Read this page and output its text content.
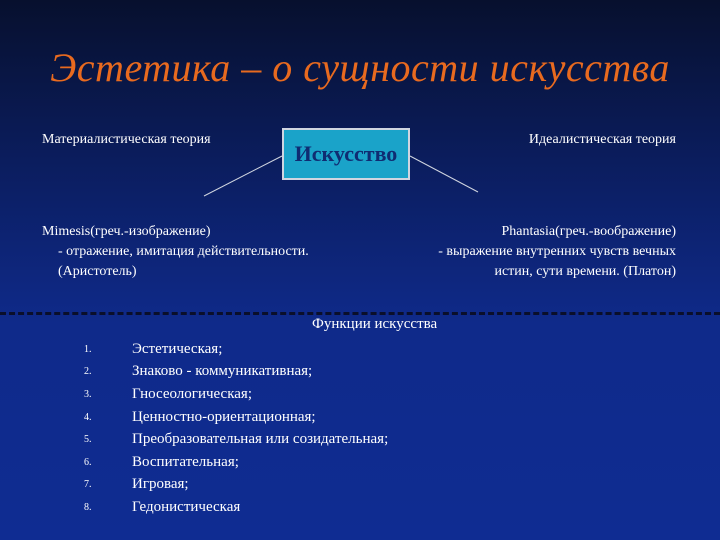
Эстетика – о сущности искусства
Материалистическая теория	Идеалистическая теория
Искусство
Mimesis(греч.-изображение)
- отражение, имитация действительности.
(Аристотель)
Phantasia(греч.-воображение)
- выражение внутренних чувств вечных
истин, сути времени. (Платон)
Функции искусства
1.	Эстетическая;
2.	Знаково - коммуникативная;
3.	Гносеологическая;
4.	Ценностно-ориентационная;
5.	Преобразовательная или созидательная;
6.	Воспитательная;
7.	Игровая;
8.	Гедонистическая
